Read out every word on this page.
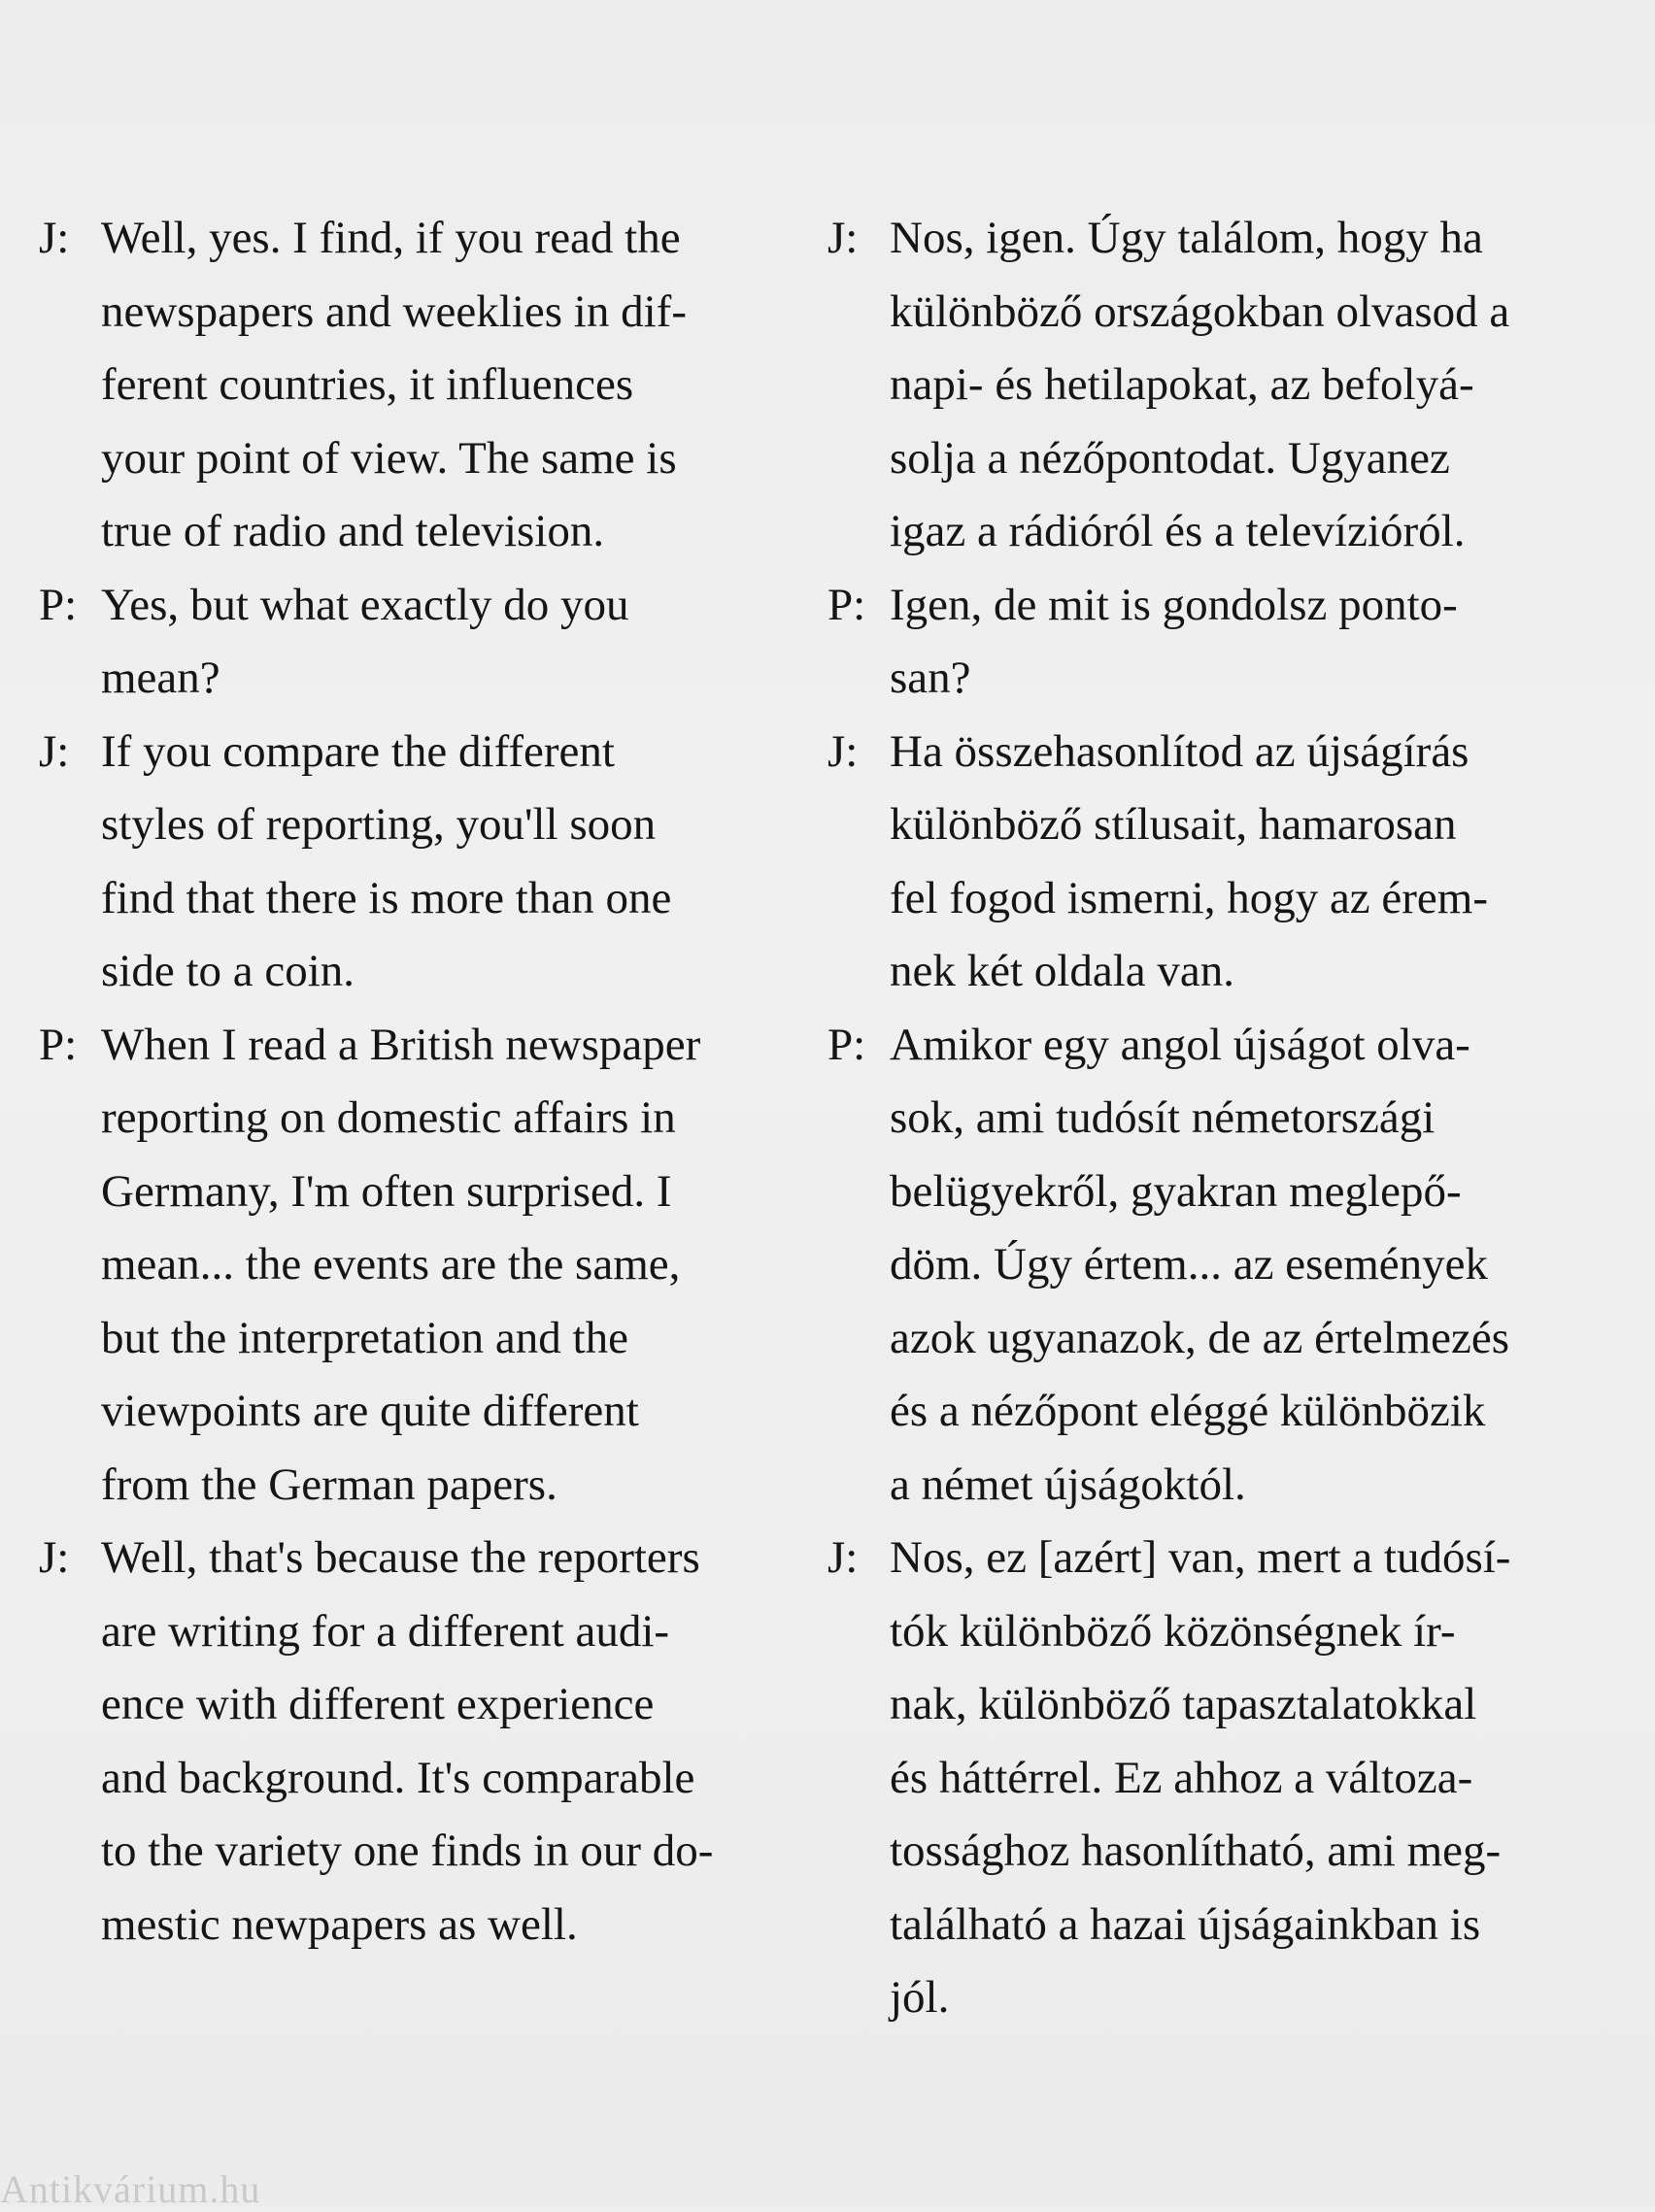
J: Well, yes. I find, if you read the
newspapers and weeklies in dif-
ferent countries, it influences
your point of view. The same is
true of radio and television.
P: Yes, but what exactly do you
mean?
J: If you compare the different
styles of reporting, you'll soon
find that there is more than one
side to a coin.
P: When I read a British newspaper
reporting on domestic affairs in
Germany, I'm often surprised. I
mean... the events are the same,
but the interpretation and the
viewpoints are quite different
from the German papers.
J: Well, that's because the reporters
are writing for a different audi-
ence with different experience
and background. It's comparable
to the variety one finds in our do-
mestic newpapers as well.
J: Nos, igen. Úgy találom, hogy ha
különböző országokban olvasod a
napi- és hetilapokat, az befolyá-
solja a nézőpontodat. Ugyanez
igaz a rádióról és a televízióról.
P: Igen, de mit is gondolsz ponto-
san?
J: Ha összehasonlítod az újságírás
különböző stílusait, hamarosan
fel fogod ismerni, hogy az érem-
nek két oldala van.
P: Amikor egy angol újságot olva-
sok, ami tudósít németországi
belügyekről, gyakran meglepő-
döm. Úgy értem... az események
azok ugyanazok, de az értelmezés
és a nézőpont eléggé különbözik
a német újságoktól.
J: Nos, ez [azért] van, mert a tudósí-
tók különböző közönségnek ír-
nak, különböző tapasztalatokkal
és háttérrel. Ez ahhoz a változa-
tossághoz hasonlítható, ami meg-
található a hazai újságainkban is
jól.
Antikvárium.hu
